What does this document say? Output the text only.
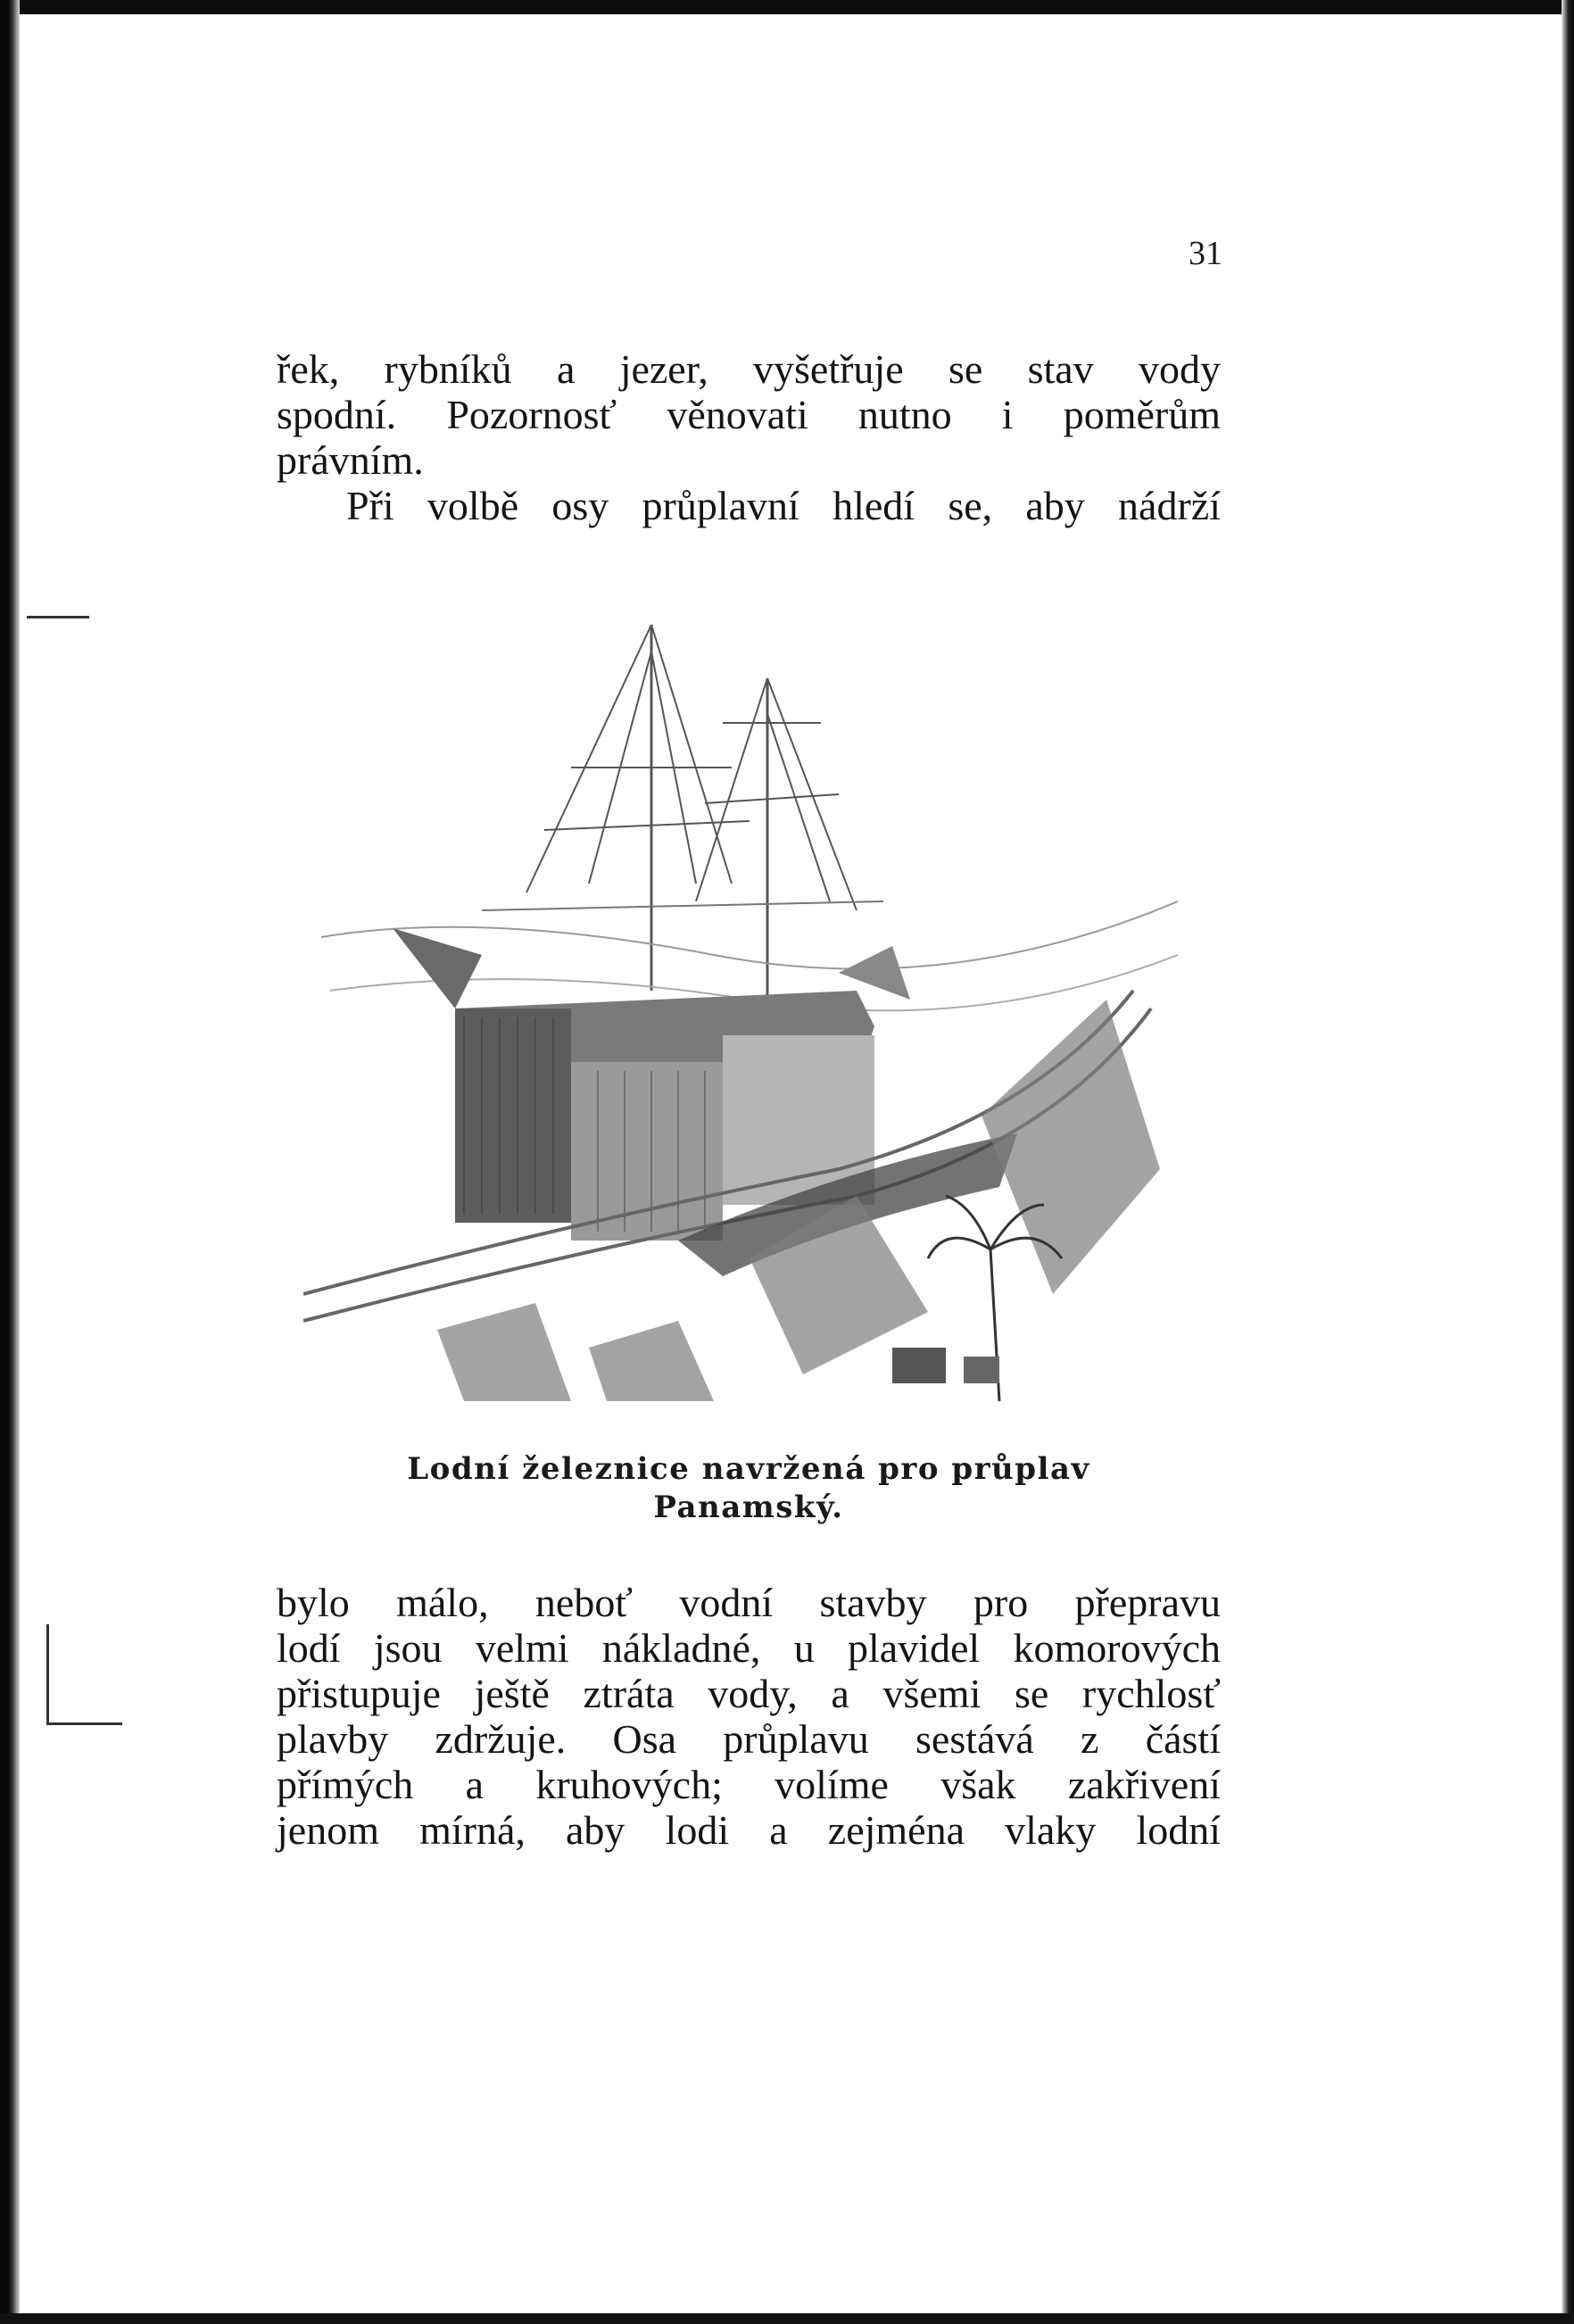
31
řek, rybníků a jezer, vyšetřuje se stav vody
spodní. Pozornosť věnovati nutno i poměrům
právním.
Při volbě osy průplavní hledí se, aby nádrží
Lodní železnice navržená pro průplav
Panamský.
bylo málo, neboť vodní stavby pro přepravu
lodí jsou velmi nákladné, u plavidel komorových
přistupuje ještě ztráta vody, a všemi se rychlosť
plavby zdržuje. Osa průplavu sestává z částí
přímých a kruhových; volíme však zakřivení
jenom mírná, aby lodi a zejména vlaky lodní
